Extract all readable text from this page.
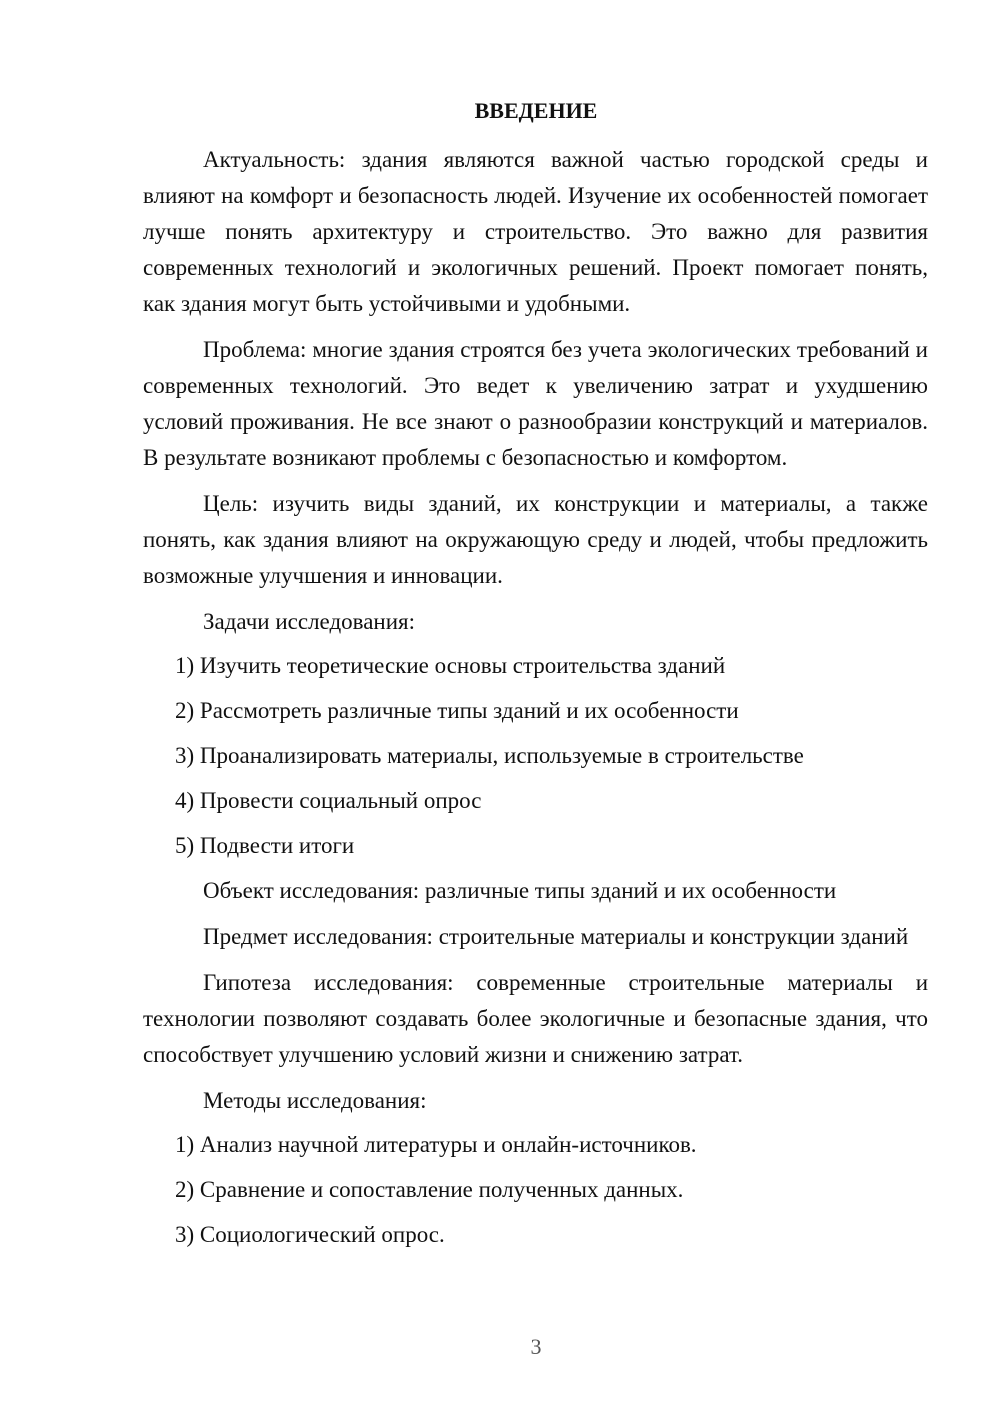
ВВЕДЕНИЕ

Актуальность: здания являются важной частью городской среды и влияют на комфорт и безопасность людей. Изучение их особенностей помогает лучше понять архитектуру и строительство. Это важно для развития современных технологий и экологичных решений. Проект помогает понять, как здания могут быть устойчивыми и удобными.

Проблема: многие здания строятся без учета экологических требований и современных технологий. Это ведет к увеличению затрат и ухудшению условий проживания. Не все знают о разнообразии конструкций и материалов. В результате возникают проблемы с безопасностью и комфортом.

Цель: изучить виды зданий, их конструкции и материалы, а также понять, как здания влияют на окружающую среду и людей, чтобы предложить возможные улучшения и инновации.

Задачи исследования:

1) Изучить теоретические основы строительства зданий

2) Рассмотреть различные типы зданий и их особенности

3) Проанализировать материалы, используемые в строительстве

4) Провести социальный опрос

5) Подвести итоги

Объект исследования: различные типы зданий и их особенности

Предмет исследования: строительные материалы и конструкции зданий

Гипотеза исследования: современные строительные материалы и технологии позволяют создавать более экологичные и безопасные здания, что способствует улучшению условий жизни и снижению затрат.

Методы исследования:

1) Анализ научной литературы и онлайн-источников.

2) Сравнение и сопоставление полученных данных.

3) Социологический опрос.

3
